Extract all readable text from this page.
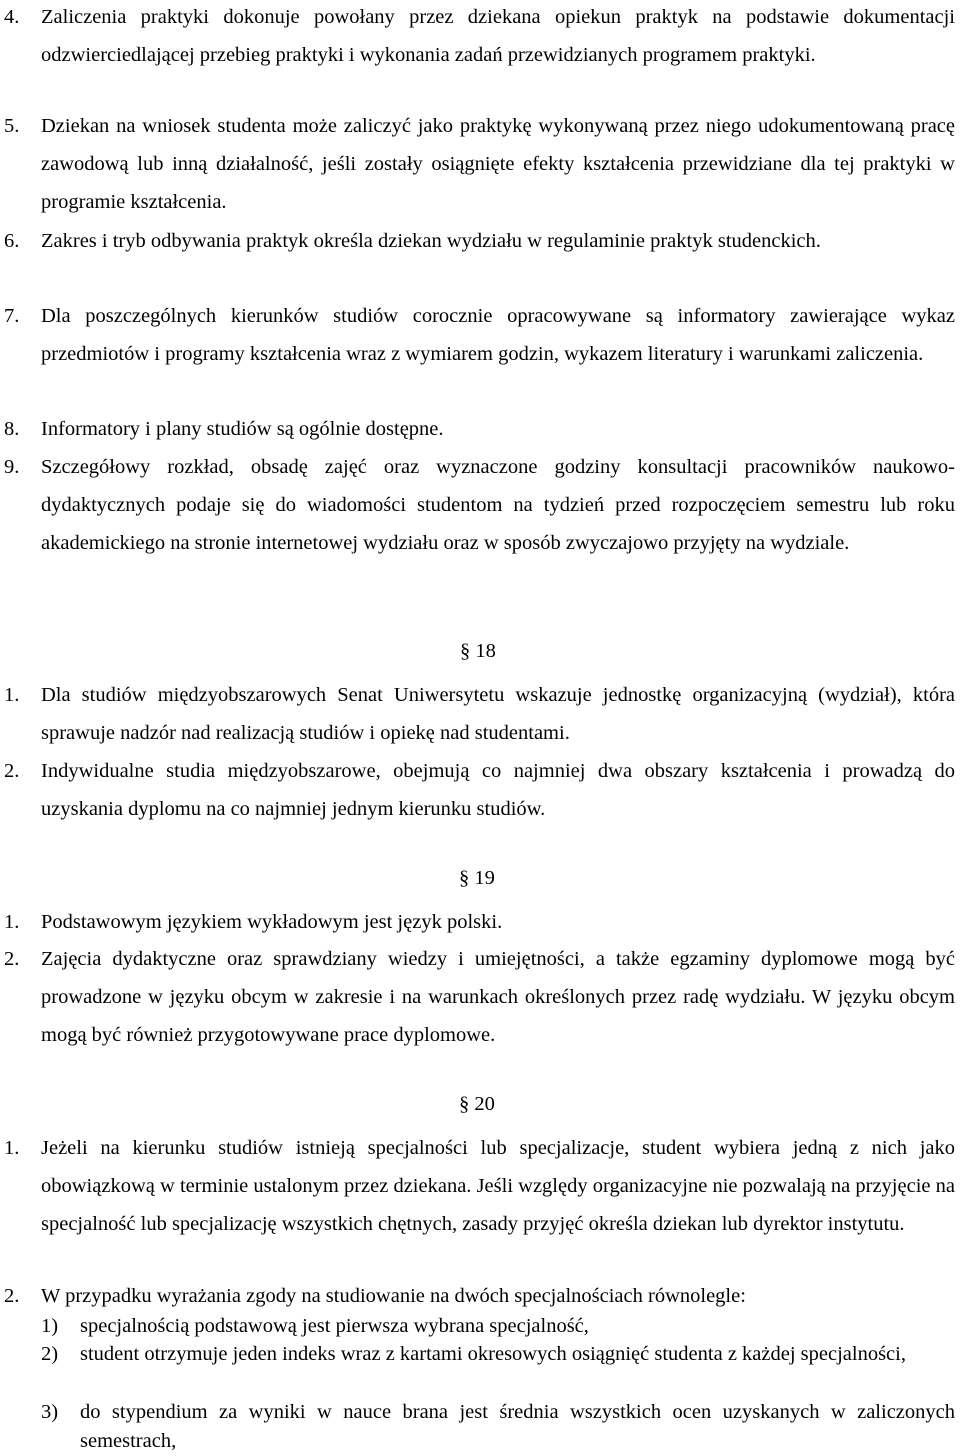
4. Zaliczenia praktyki dokonuje powołany przez dziekana opiekun praktyk na podstawie dokumentacji odzwierciedlającej przebieg praktyki i wykonania zadań przewidzianych programem praktyki.
5. Dziekan na wniosek studenta może zaliczyć jako praktykę wykonywaną przez niego udokumentowaną pracę zawodową lub inną działalność, jeśli zostały osiągnięte efekty kształcenia przewidziane dla tej praktyki w programie kształcenia.
6. Zakres i tryb odbywania praktyk określa dziekan wydziału w regulaminie praktyk studenckich.
7. Dla poszczególnych kierunków studiów corocznie opracowywane są informatory zawierające wykaz przedmiotów i programy kształcenia wraz z wymiarem godzin, wykazem literatury i warunkami zaliczenia.
8. Informatory i plany studiów są ogólnie dostępne.
9. Szczegółowy rozkład, obsadę zajęć oraz wyznaczone godziny konsultacji pracowników naukowo-dydaktycznych podaje się do wiadomości studentom na tydzień przed rozpoczęciem semestru lub roku akademickiego na stronie internetowej wydziału oraz w sposób zwyczajowo przyjęty na wydziale.
§ 18
1. Dla studiów międzyobszarowych Senat Uniwersytetu wskazuje jednostkę organizacyjną (wydział), która sprawuje nadzór nad realizacją studiów i opiekę nad studentami.
2. Indywidualne studia międzyobszarowe, obejmują co najmniej dwa obszary kształcenia i prowadzą do uzyskania dyplomu na co najmniej jednym kierunku studiów.
§ 19
1. Podstawowym językiem wykładowym jest język polski.
2. Zajęcia dydaktyczne oraz sprawdziany wiedzy i umiejętności, a także egzaminy dyplomowe mogą być prowadzone w języku obcym w zakresie i na warunkach określonych przez radę wydziału. W języku obcym mogą być również przygotowywane prace dyplomowe.
§ 20
1. Jeżeli na kierunku studiów istnieją specjalności lub specjalizacje, student wybiera jedną z nich jako obowiązkową w terminie ustalonym przez dziekana. Jeśli względy organizacyjne nie pozwalają na przyjęcie na specjalność lub specjalizację wszystkich chętnych, zasady przyjęć określa dziekan lub dyrektor instytutu.
2. W przypadku wyrażania zgody na studiowanie na dwóch specjalnościach równolegle:
1) specjalnością podstawową jest pierwsza wybrana specjalność,
2) student otrzymuje jeden indeks wraz z kartami okresowych osiągnięć studenta z każdej specjalności,
3) do stypendium za wyniki w nauce brana jest średnia wszystkich ocen uzyskanych w zaliczonych semestrach,
